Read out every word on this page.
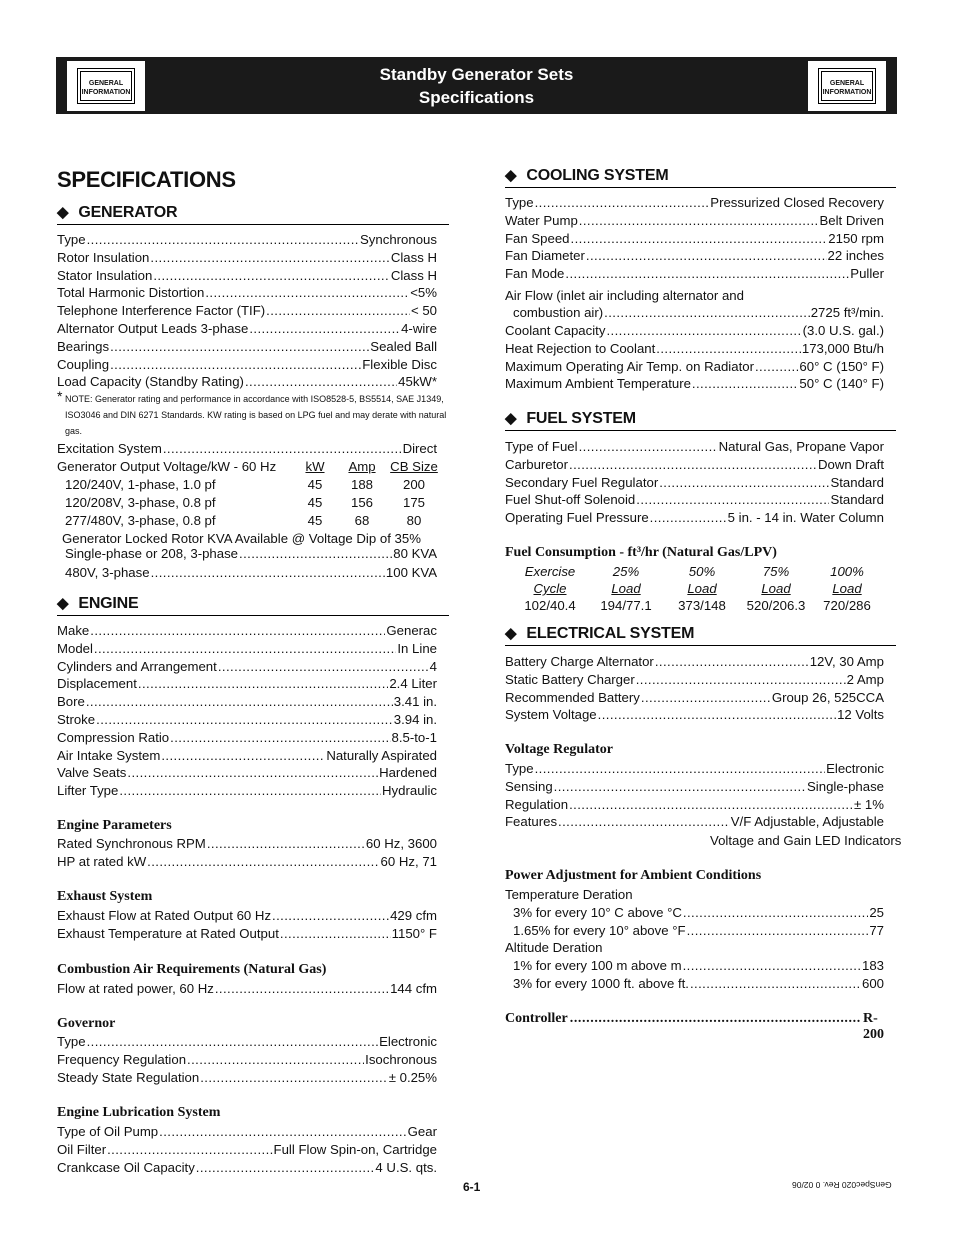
GENERAL INFORMATION
Standby Generator Sets
Specifications
GENERAL INFORMATION
SPECIFICATIONS
◆ GENERATOR
Type .....	Synchronous
Rotor Insulation .....	Class H
Stator Insulation .....	Class H
Total Harmonic Distortion .....	<5%
Telephone Interference Factor (TIF) .....	< 50
Alternator Output Leads 3-phase .....	4-wire
Bearings .....	Sealed Ball
Coupling .....	Flexible Disc
Load Capacity (Standby Rating) .....	45kW*
* NOTE: Generator rating and performance in accordance with ISO8528-5, BS5514, SAE J1349, ISO3046 and DIN 6271 Standards. KW rating is based on LPG fuel and may derate with natural gas.
Excitation System .....	Direct
Generator Output Voltage/kW - 60 Hz	kW	Amp	CB Size
120/240V, 1-phase, 1.0 pf	45	188	200
120/208V, 3-phase, 0.8 pf	45	156	175
277/480V, 3-phase, 0.8 pf	45	68	80
Generator Locked Rotor KVA Available @ Voltage Dip of 35%
Single-phase or 208, 3-phase .....	80 KVA
480V, 3-phase .....	100 KVA
◆ ENGINE
Make .....	Generac
Model .....	In Line
Cylinders and Arrangement .....	4
Displacement .....	2.4 Liter
Bore .....	3.41 in.
Stroke .....	3.94 in.
Compression Ratio .....	8.5-to-1
Air Intake System .....	Naturally Aspirated
Valve Seats .....	Hardened
Lifter Type .....	Hydraulic
Engine Parameters
Rated Synchronous RPM .....	60 Hz, 3600
HP at rated kW .....	60 Hz, 71
Exhaust System
Exhaust Flow at Rated Output 60 Hz .....	429 cfm
Exhaust Temperature at Rated Output .....	1150° F
Combustion Air Requirements (Natural Gas)
Flow at rated power, 60 Hz .....	144 cfm
Governor
Type .....	Electronic
Frequency Regulation .....	Isochronous
Steady State Regulation .....	± 0.25%
Engine Lubrication System
Type of Oil Pump .....	Gear
Oil Filter .....	Full Flow Spin-on, Cartridge
Crankcase Oil Capacity .....	4 U.S. qts.
◆ COOLING SYSTEM
Type .....	Pressurized Closed Recovery
Water Pump .....	Belt Driven
Fan Speed .....	2150 rpm
Fan Diameter .....	22 inches
Fan Mode .....	Puller
Air Flow (inlet air including alternator and
combustion air) .....	2725 ft³/min.
Coolant Capacity .....	(3.0 U.S. gal.)
Heat Rejection to Coolant .....	173,000 Btu/h
Maximum Operating Air Temp. on Radiator .....	60° C (150° F)
Maximum Ambient Temperature .....	50° C (140° F)
◆ FUEL SYSTEM
Type of Fuel .....	Natural Gas, Propane Vapor
Carburetor .....	Down Draft
Secondary Fuel Regulator .....	Standard
Fuel Shut-off Solenoid .....	Standard
Operating Fuel Pressure .....	5 in. - 14 in. Water Column
Fuel Consumption - ft³/hr (Natural Gas/LPV)
Exercise	25%	50%	75%	100%
Cycle	Load	Load	Load	Load
102/40.4	194/77.1	373/148	520/206.3	720/286
◆ ELECTRICAL SYSTEM
Battery Charge Alternator .....	12V, 30 Amp
Static Battery Charger .....	2 Amp
Recommended Battery .....	Group 26, 525CCA
System Voltage .....	12 Volts
Voltage Regulator
Type .....	Electronic
Sensing .....	Single-phase
Regulation .....	± 1%
Features .....	V/F Adjustable, Adjustable
Voltage and Gain LED Indicators
Power Adjustment for Ambient Conditions
Temperature Deration
3% for every 10° C above °C .....	25
1.65% for every 10° above °F .....	77
Altitude Deration
1% for every 100 m above m .....	183
3% for every 1000 ft. above ft. .....	600
Controller .....	R-200
6-1	GenSpec020 Rev. 0 02/06
